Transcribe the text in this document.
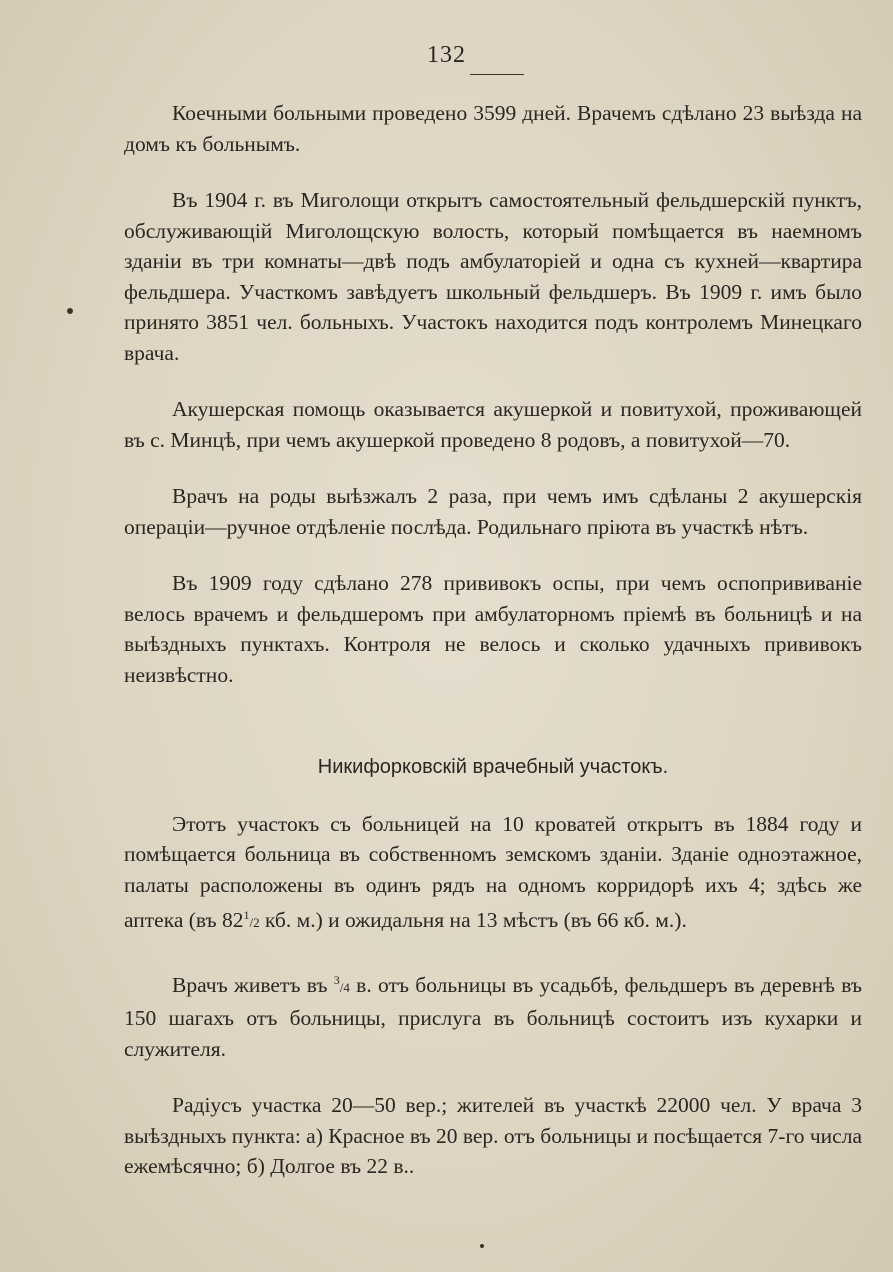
132

Коечными больными проведено 3599 дней. Врачемъ сдѣлано 23 выѣзда на домъ къ больнымъ.

Въ 1904 г. въ Миголощи открытъ самостоятельный фельдшерскій пунктъ, обслуживающій Миголощскую волость, который помѣщается въ наемномъ зданіи въ три комнаты—двѣ подъ амбулаторіей и одна съ кухней—квартира фельдшера. Участкомъ завѣдуетъ школьный фельдшеръ. Въ 1909 г. имъ было принято 3851 чел. больныхъ. Участокъ находится подъ контролемъ Минецкаго врача.

Акушерская помощь оказывается акушеркой и повитухой, проживающей въ с. Минцѣ, при чемъ акушеркой проведено 8 родовъ, а повитухой—70.

Врачъ на роды выѣзжалъ 2 раза, при чемъ имъ сдѣланы 2 акушерскія операціи—ручное отдѣленіе послѣда. Родильнаго пріюта въ участкѣ нѣтъ.

Въ 1909 году сдѣлано 278 прививокъ оспы, при чемъ оспопрививаніе велось врачемъ и фельдшеромъ при амбулаторномъ пріемѣ въ больницѣ и на выѣздныхъ пунктахъ. Контроля не велось и сколько удачныхъ прививокъ неизвѣстно.

Никифорковскій врачебный участокъ.

Этотъ участокъ съ больницей на 10 кроватей открытъ въ 1884 году и помѣщается больница въ собственномъ земскомъ зданіи. Зданіе одноэтажное, палаты расположены въ одинъ рядъ на одномъ корридорѣ ихъ 4; здѣсь же аптека (въ $82^1/2$ кб. м.) и ожидальня на 13 мѣстъ (въ 66 кб. м.).

Врачъ живетъ въ $^3$/4 в. отъ больницы въ усадьбѣ, фельдшеръ въ деревнѣ въ 150 шагахъ отъ больницы, прислуга въ больницѣ состоитъ изъ кухарки и служителя.

Радіусъ участка 20—50 вер.; жителей въ участкѣ 22000 чел. У врача 3 выѣздныхъ пункта: а) Красное въ 20 вер. отъ больницы и посѣщается 7-го числа ежемѣсячно; б) Долгое въ 22 в..
